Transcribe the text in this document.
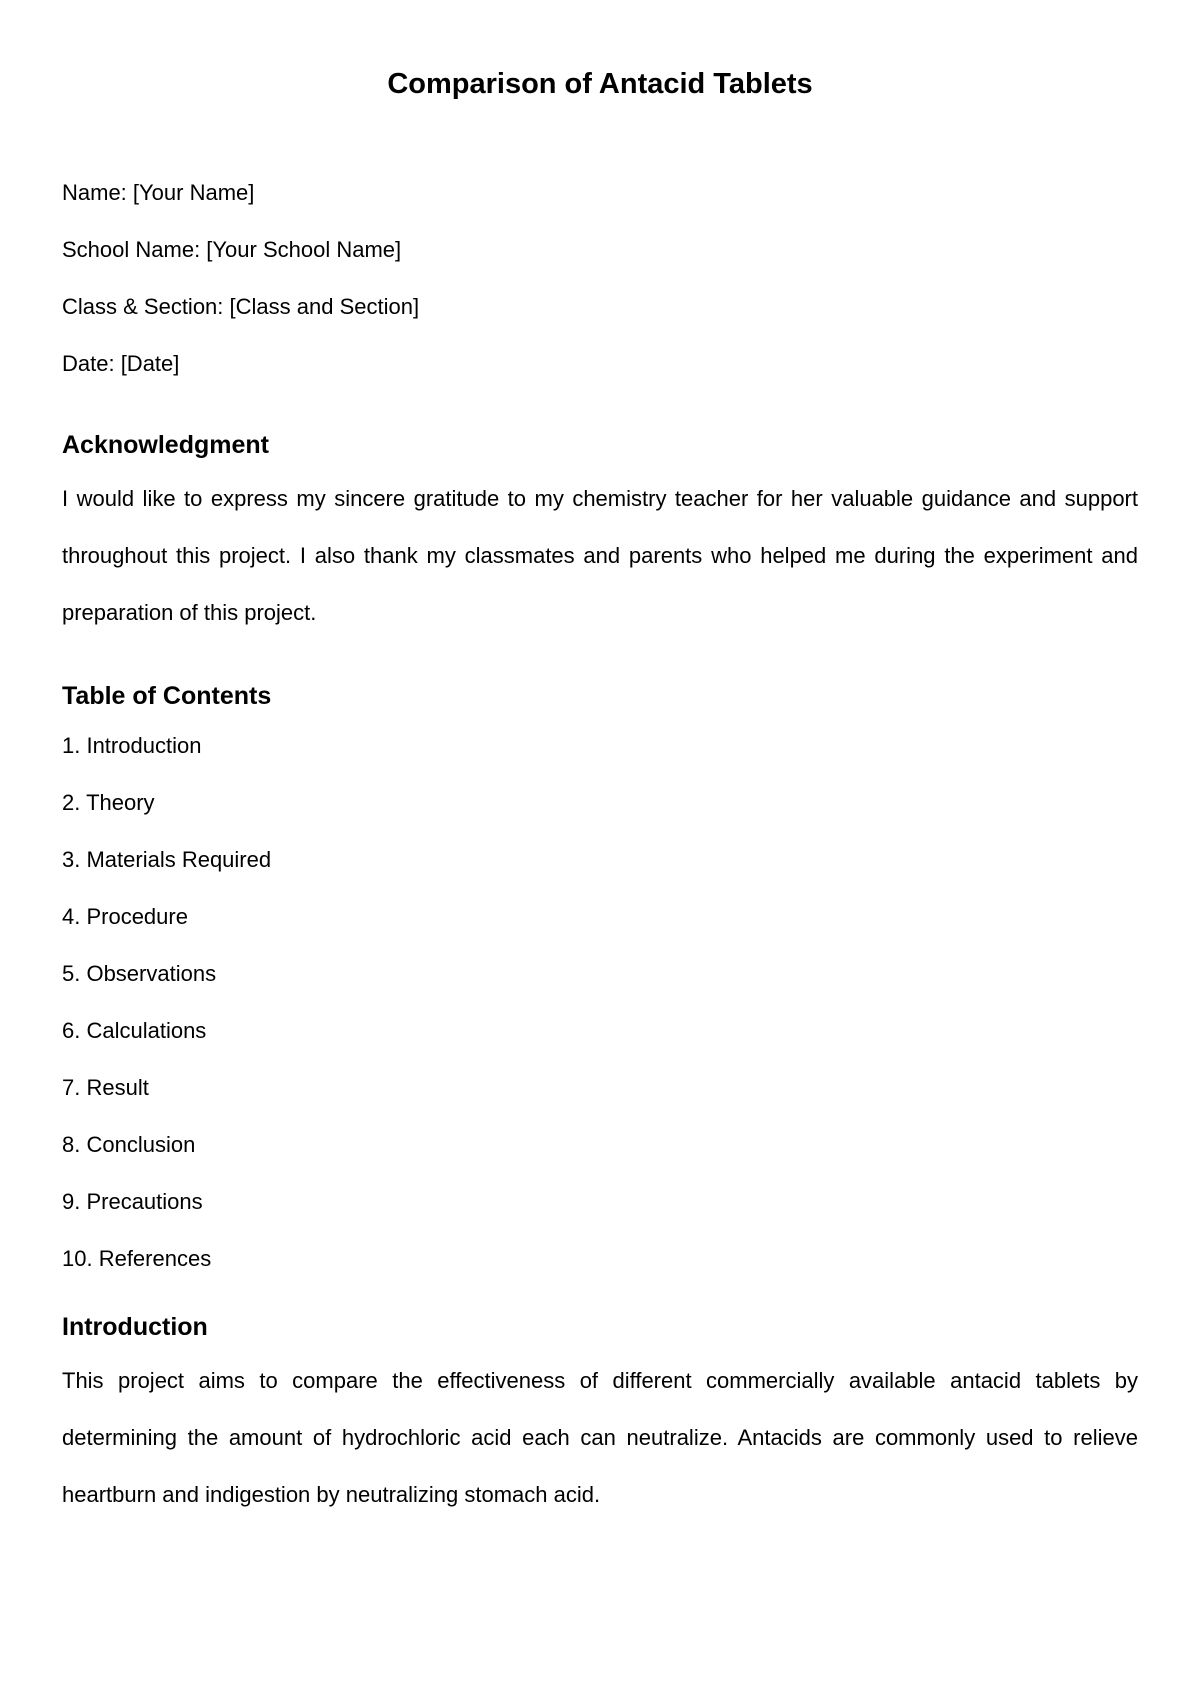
Comparison of Antacid Tablets

Name: [Your Name]

School Name: [Your School Name]

Class & Section: [Class and Section]

Date: [Date]

Acknowledgment

I would like to express my sincere gratitude to my chemistry teacher for her valuable guidance and support throughout this project. I also thank my classmates and parents who helped me during the experiment and preparation of this project.

Table of Contents
1. Introduction
2. Theory
3. Materials Required
4. Procedure
5. Observations
6. Calculations
7. Result
8. Conclusion
9. Precautions
10. References
Introduction

This project aims to compare the effectiveness of different commercially available antacid tablets by determining the amount of hydrochloric acid each can neutralize. Antacids are commonly used to relieve heartburn and indigestion by neutralizing stomach acid.
